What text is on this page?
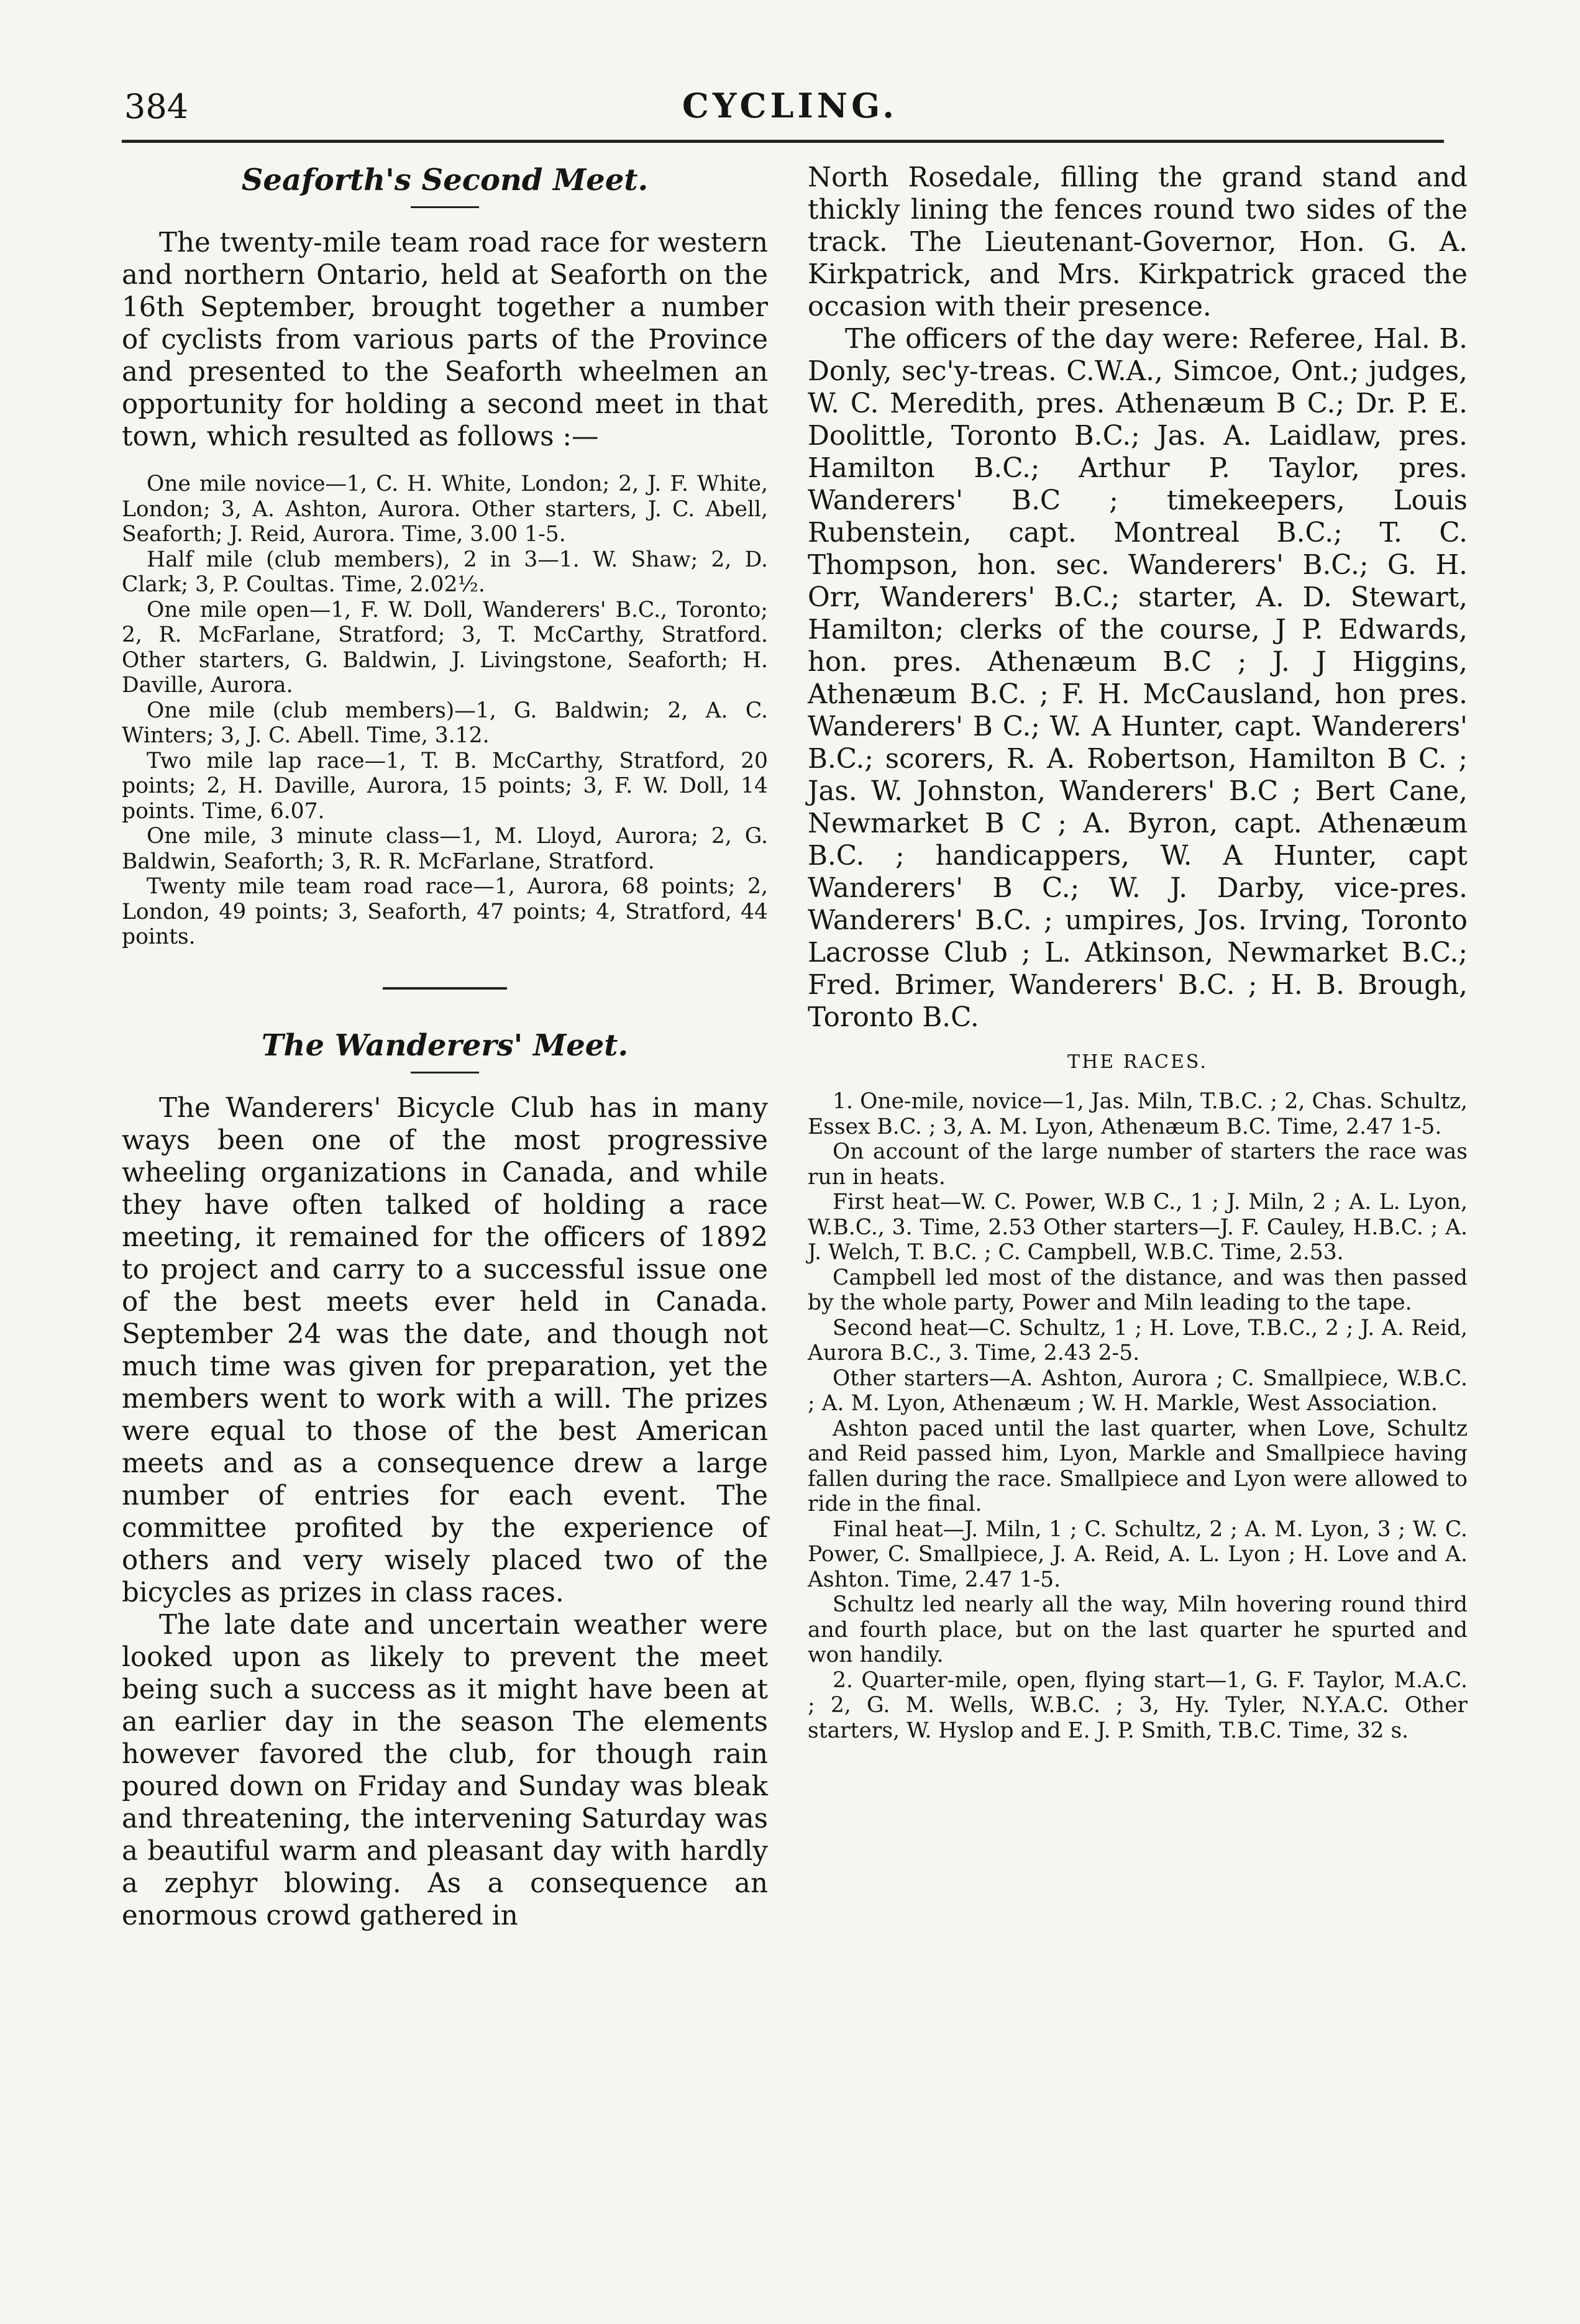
384	CYCLING.
Seaforth's Second Meet.

The twenty-mile team road race for western and northern Ontario, held at Seaforth on the 16th September, brought together a number of cyclists from various parts of the Province and presented to the Seaforth wheelmen an opportunity for holding a second meet in that town, which resulted as follows :—

One mile novice—1, C. H. White, London; 2, J. F. White, London; 3, A. Ashton, Aurora. Other starters, J. C. Abell, Seaforth; J. Reid, Aurora. Time, 3.00 1-5.

Half mile (club members), 2 in 3—1. W. Shaw; 2, D. Clark; 3, P. Coultas. Time, 2.02½.

One mile open—1, F. W. Doll, Wanderers' B.C., Toronto; 2, R. McFarlane, Stratford; 3, T. McCarthy, Stratford. Other starters, G. Baldwin, J. Livingstone, Seaforth; H. Daville, Aurora.

One mile (club members)—1, G. Baldwin; 2, A. C. Winters; 3, J. C. Abell. Time, 3.12.

Two mile lap race—1, T. B. McCarthy, Stratford, 20 points; 2, H. Daville, Aurora, 15 points; 3, F. W. Doll, 14 points. Time, 6.07.

One mile, 3 minute class—1, M. Lloyd, Aurora; 2, G. Baldwin, Seaforth; 3, R. R. McFarlane, Stratford.

Twenty mile team road race—1, Aurora, 68 points; 2, London, 49 points; 3, Seaforth, 47 points; 4, Stratford, 44 points.

The Wanderers' Meet.

The Wanderers' Bicycle Club has in many ways been one of the most progressive wheeling organizations in Canada, and while they have often talked of holding a race meeting, it remained for the officers of 1892 to project and carry to a successful issue one of the best meets ever held in Canada. September 24 was the date, and though not much time was given for preparation, yet the members went to work with a will. The prizes were equal to those of the best American meets and as a consequence drew a large number of entries for each event. The committee profited by the experience of others and very wisely placed two of the bicycles as prizes in class races.

The late date and uncertain weather were looked upon as likely to prevent the meet being such a success as it might have been at an earlier day in the season The elements however favored the club, for though rain poured down on Friday and Sunday was bleak and threatening, the intervening Saturday was a beautiful warm and pleasant day with hardly a zephyr blowing. As a consequence an enormous crowd gathered in

North Rosedale, filling the grand stand and thickly lining the fences round two sides of the track. The Lieutenant-Governor, Hon. G. A. Kirkpatrick, and Mrs. Kirkpatrick graced the occasion with their presence.

The officers of the day were: Referee, Hal. B. Donly, sec'y-treas. C.W.A., Simcoe, Ont.; judges, W. C. Meredith, pres. Athenæum B C.; Dr. P. E. Doolittle, Toronto B.C.; Jas. A. Laidlaw, pres. Hamilton B.C.; Arthur P. Taylor, pres. Wanderers' B.C ; timekeepers, Louis Rubenstein, capt. Montreal B.C.; T. C. Thompson, hon. sec. Wanderers' B.C.; G. H. Orr, Wanderers' B.C.; starter, A. D. Stewart, Hamilton; clerks of the course, J P. Edwards, hon. pres. Athenæum B.C ; J. J Higgins, Athenæum B.C. ; F. H. McCausland, hon pres. Wanderers' B C.; W. A Hunter, capt. Wanderers' B.C.; scorers, R. A. Robertson, Hamilton B C. ; Jas. W. Johnston, Wanderers' B.C ; Bert Cane, Newmarket B C ; A. Byron, capt. Athenæum B.C. ; handicappers, W. A Hunter, capt Wanderers' B C.; W. J. Darby, vice-pres. Wanderers' B.C. ; umpires, Jos. Irving, Toronto Lacrosse Club ; L. Atkinson, Newmarket B.C.; Fred. Brimer, Wanderers' B.C. ; H. B. Brough, Toronto B.C.

THE RACES.

1. One-mile, novice—1, Jas. Miln, T.B.C. ; 2, Chas. Schultz, Essex B.C. ; 3, A. M. Lyon, Athenæum B.C. Time, 2.47 1-5.

On account of the large number of starters the race was run in heats.

First heat—W. C. Power, W.B C., 1 ; J. Miln, 2 ; A. L. Lyon, W.B.C., 3. Time, 2.53 Other starters—J. F. Cauley, H.B.C. ; A. J. Welch, T. B.C. ; C. Campbell, W.B.C. Time, 2.53.

Campbell led most of the distance, and was then passed by the whole party, Power and Miln leading to the tape.

Second heat—C. Schultz, 1 ; H. Love, T.B.C., 2 ; J. A. Reid, Aurora B.C., 3. Time, 2.43 2-5.

Other starters—A. Ashton, Aurora ; C. Smallpiece, W.B.C. ; A. M. Lyon, Athenæum ; W. H. Markle, West Association.

Ashton paced until the last quarter, when Love, Schultz and Reid passed him, Lyon, Markle and Smallpiece having fallen during the race. Smallpiece and Lyon were allowed to ride in the final.

Final heat—J. Miln, 1 ; C. Schultz, 2 ; A. M. Lyon, 3 ; W. C. Power, C. Smallpiece, J. A. Reid, A. L. Lyon ; H. Love and A. Ashton. Time, 2.47 1-5.

Schultz led nearly all the way, Miln hovering round third and fourth place, but on the last quarter he spurted and won handily.

2. Quarter-mile, open, flying start—1, G. F. Taylor, M.A.C. ; 2, G. M. Wells, W.B.C. ; 3, Hy. Tyler, N.Y.A.C. Other starters, W. Hyslop and E. J. P. Smith, T.B.C. Time, 32 s.
